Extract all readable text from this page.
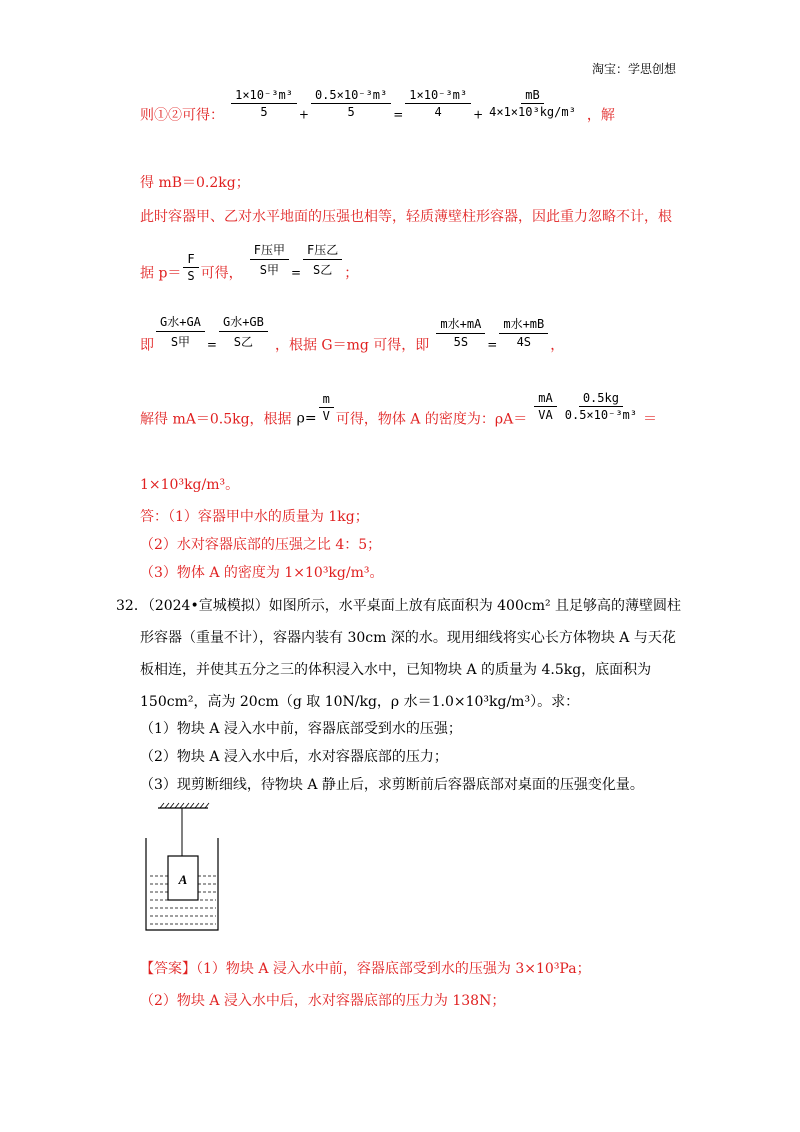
淘宝：学思创想
则①②可得： $\frac{\text{1×10⁻³m³}}{5} + \frac{\text{0.5×10⁻³m³}}{5} = \frac{\text{1×10⁻³m³}}{4} + \frac{mB}{\text{4×1×10³kg/m³}}$ ，解
得 mB＝0.2kg；
此时容器甲、乙对水平地面的压强也相等，轻质薄壁柱形容器，因此重力忽略不计，根
据 $p= \frac{F}{S}$ 可得， $\frac{\text{F压甲}}{\text{S甲}} = \frac{\text{F压乙}}{\text{S乙}}$ ；
即 $\frac{\text{G水+GA}}{\text{S甲}} = \frac{\text{G水+GB}}{\text{S乙}}$ ，根据 G＝mg 可得，即 $\frac{\text{m水+mA}}{5S} = \frac{\text{m水+mB}}{4S}$ ，
解得 mA＝0.5kg，根据 $\rho= \frac{m}{V}$ 可得，物体 A 的密度为：$\rho A= \frac{mA}{VA} \frac{0.5kg}{\text{0.5×10⁻³m³}}$ ＝
1×10³kg/m³。
答：（1）容器甲中水的质量为 1kg；
（2）水对容器底部的压强之比 4：5；
（3）物体 A 的密度为 1×10³kg/m³。
32．（2024•宣城模拟）如图所示，水平桌面上放有底面积为 400cm² 且足够高的薄壁圆柱
形容器（重量不计），容器内装有 30cm 深的水。现用细线将实心长方体物块 A 与天花
板相连，并使其五分之三的体积浸入水中，已知物块 A 的质量为 4.5kg，底面积为
150cm²，高为 20cm（g 取 10N/kg，ρ 水＝1.0×10³kg/m³）。求：
（1）物块 A 浸入水中前，容器底部受到水的压强；
（2）物块 A 浸入水中后，水对容器底部的压力；
（3）现剪断细线，待物块 A 静止后，求剪断前后容器底部对桌面的压强变化量。
A
【答案】（1）物块 A 浸入水中前，容器底部受到水的压强为 3×10³Pa；
（2）物块 A 浸入水中后，水对容器底部的压力为 138N；
